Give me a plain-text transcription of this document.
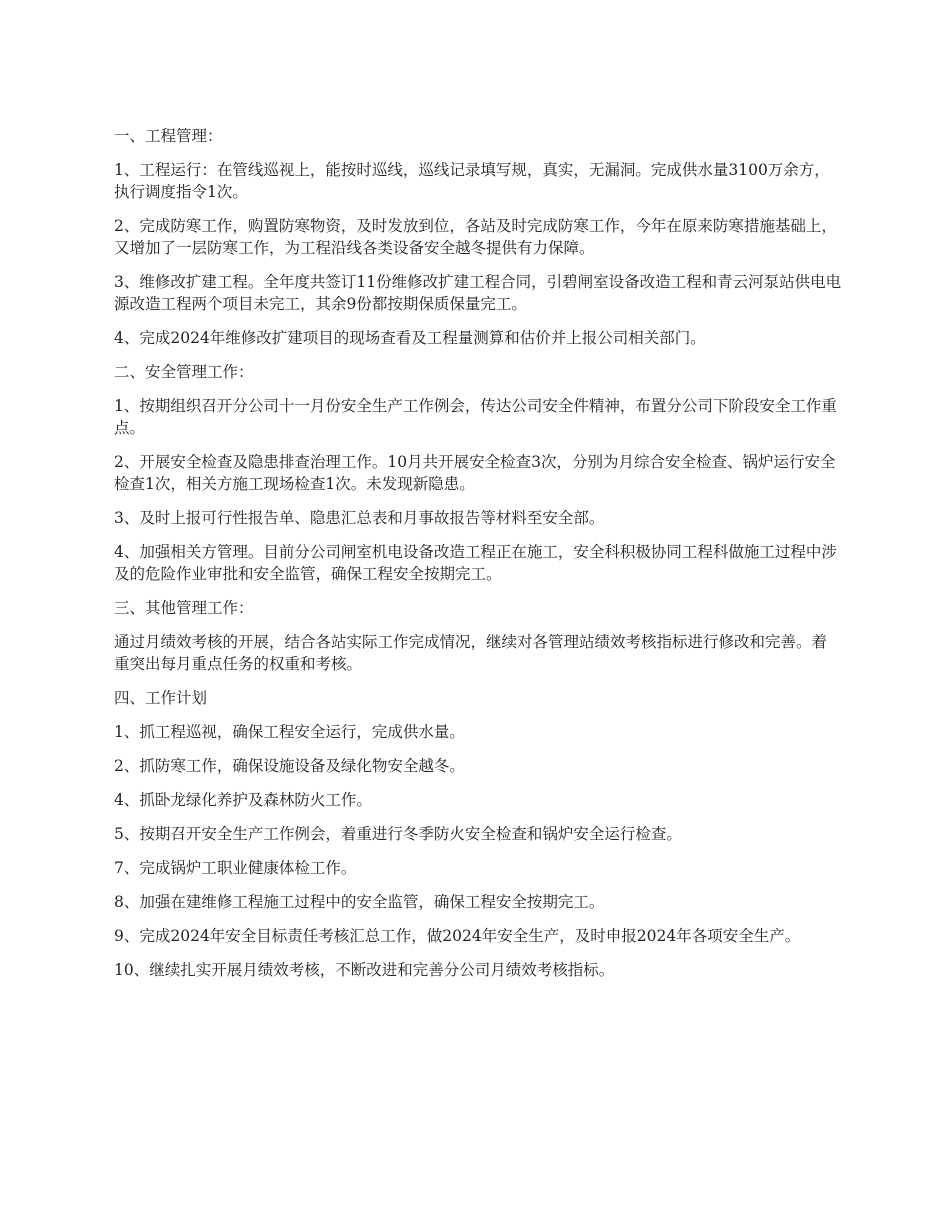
一、工程管理：

1、工程运行：在管线巡视上，能按时巡线，巡线记录填写规，真实，无漏洞。完成供水量3100万余方，执行调度指令1次。

2、完成防寒工作，购置防寒物资，及时发放到位，各站及时完成防寒工作，今年在原来防寒措施基础上，又增加了一层防寒工作，为工程沿线各类设备安全越冬提供有力保障。

3、维修改扩建工程。全年度共签订11份维修改扩建工程合同，引碧闸室设备改造工程和青云河泵站供电电源改造工程两个项目未完工，其余9份都按期保质保量完工。

4、完成2024年维修改扩建项目的现场查看及工程量测算和估价并上报公司相关部门。

二、安全管理工作：

1、按期组织召开分公司十一月份安全生产工作例会，传达公司安全件精神，布置分公司下阶段安全工作重点。

2、开展安全检查及隐患排查治理工作。10月共开展安全检查3次，分别为月综合安全检查、锅炉运行安全检查1次，相关方施工现场检查1次。未发现新隐患。

3、及时上报可行性报告单、隐患汇总表和月事故报告等材料至安全部。

4、加强相关方管理。目前分公司闸室机电设备改造工程正在施工，安全科积极协同工程科做施工过程中涉及的危险作业审批和安全监管，确保工程安全按期完工。

三、其他管理工作：

通过月绩效考核的开展，结合各站实际工作完成情况，继续对各管理站绩效考核指标进行修改和完善。着重突出每月重点任务的权重和考核。

四、工作计划

1、抓工程巡视，确保工程安全运行，完成供水量。

2、抓防寒工作，确保设施设备及绿化物安全越冬。

4、抓卧龙绿化养护及森林防火工作。

5、按期召开安全生产工作例会，着重进行冬季防火安全检查和锅炉安全运行检查。

7、完成锅炉工职业健康体检工作。

8、加强在建维修工程施工过程中的安全监管，确保工程安全按期完工。

9、完成2024年安全目标责任考核汇总工作，做2024年安全生产，及时申报2024年各项安全生产。

10、继续扎实开展月绩效考核，不断改进和完善分公司月绩效考核指标。
